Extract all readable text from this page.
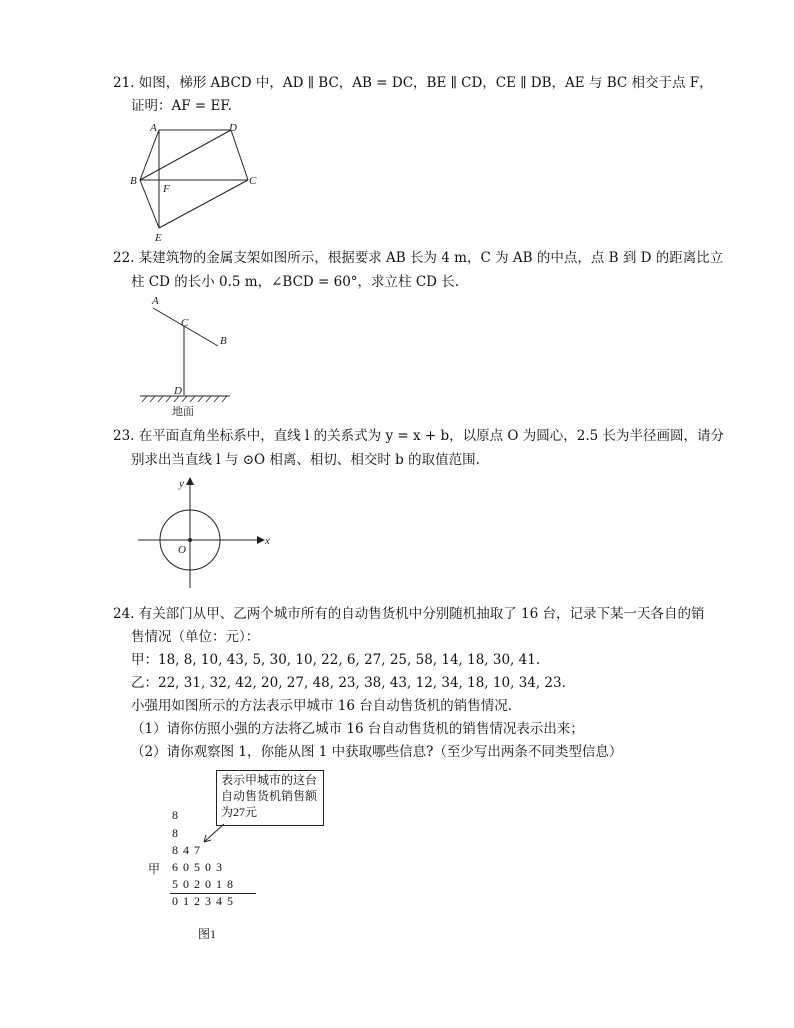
21. 如图，梯形 ABCD 中，AD ∥ BC，AB = DC，BE ∥ CD，CE ∥ DB，AE 与 BC 相交于点 F，
证明：AF = EF.
A	D
B	C
F
E
22. 某建筑物的金属支架如图所示，根据要求 AB 长为 4 m，C 为 AB 的中点，点 B 到 D 的距离比立
柱 CD 的长小 0.5 m，∠BCD = 60°，求立柱 CD 长.
A
C
B
D
地面
23. 在平面直角坐标系中，直线 l 的关系式为 y = x + b，以原点 O 为圆心，2.5 长为半径画圆，请分
别求出当直线 l 与 ⊙O 相离、相切、相交时 b 的取值范围.
x
y
O
24. 有关部门从甲、乙两个城市所有的自动售货机中分别随机抽取了 16 台，记录下某一天各自的销
售情况（单位：元）：
甲：18, 8, 10, 43, 5, 30, 10, 22, 6, 27, 25, 58, 14, 18, 30, 41.
乙：22, 31, 32, 42, 20, 27, 48, 23, 38, 43, 12, 34, 18, 10, 34, 23.
小强用如图所示的方法表示甲城市 16 台自动售货机的销售情况.
（1）请你仿照小强的方法将乙城市 16 台自动售货机的销售情况表示出来；
（2）请你观察图 1，你能从图 1 中获取哪些信息?（至少写出两条不同类型信息）
表示甲城市的这台
自动售货机销售额
为27元
8
8
8 4 7
甲 6 0 5 0 3
5 0 2 0 1 8
0 1 2 3 4 5
图1
